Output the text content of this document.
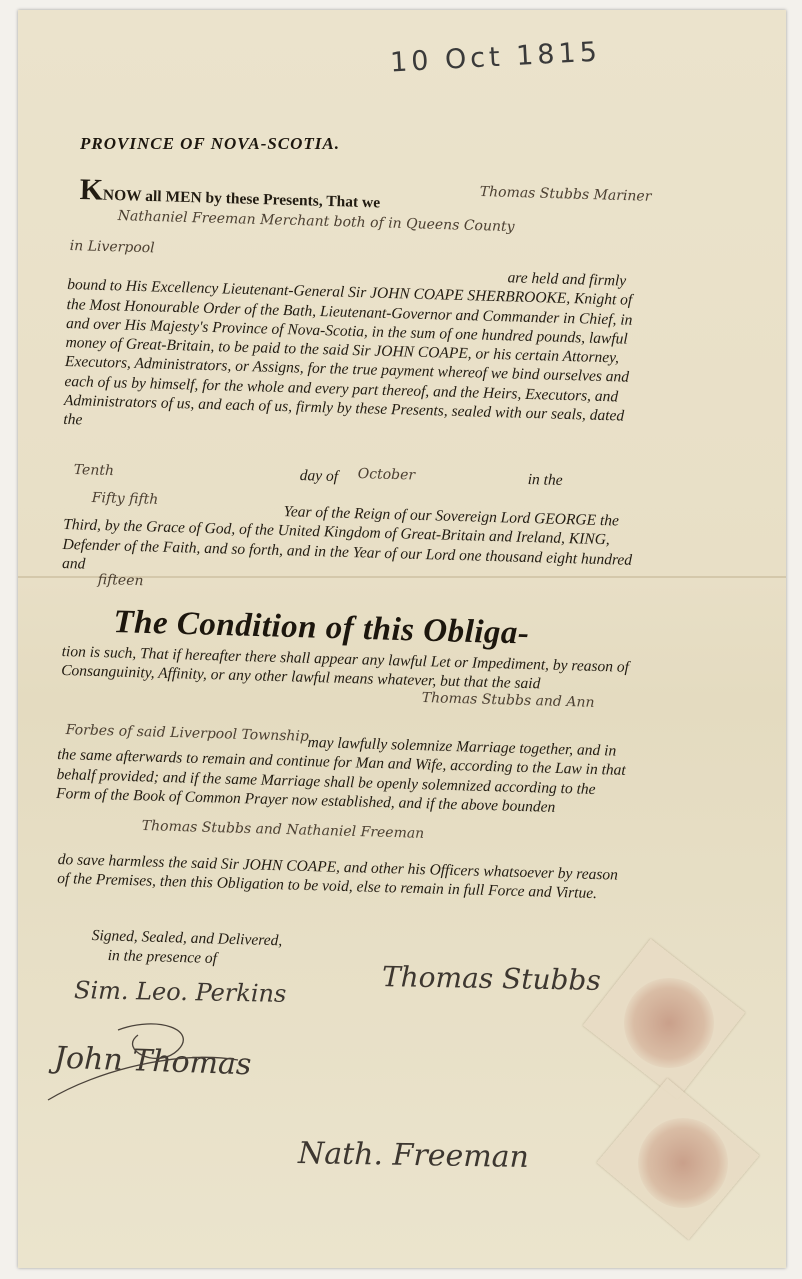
10 Oct 1815
PROVINCE OF NOVA-SCOTIA.
KNOW all MEN by these Presents, That we	Thomas Stubbs Mariner
Nathaniel Freeman Merchant both of in Queens County
in Liverpool
are held and firmly bound to His Excellency Lieutenant-General Sir JOHN COAPE SHERBROOKE, Knight of the Most Honourable Order of the Bath, Lieutenant-Governor and Commander in Chief, in and over His Majesty's Province of Nova-Scotia, in the sum of one hundred pounds, lawful money of Great-Britain, to be paid to the said Sir JOHN COAPE, or his certain Attorney, Executors, Administrators, or Assigns, for the true payment whereof we bind ourselves and each of us by himself, for the whole and every part thereof, and the Heirs, Executors, and Administrators of us, and each of us, firmly by these Presents, sealed with our seals, dated the
Tenth	day of October	in the
Fifty fifth
Year of the Reign of our Sovereign Lord GEORGE the Third, by the Grace of God, of the United Kingdom of Great-Britain and Ireland, KING, Defender of the Faith, and so forth, and in the Year of our Lord one thousand eight hundred and
fifteen
The Condition of this Obliga-
tion is such, That if hereafter there shall appear any lawful Let or Impediment, by reason of Consanguinity, Affinity, or any other lawful means whatever, but that the said
Thomas Stubbs and Ann
Forbes of said Liverpool Township
may lawfully solemnize Marriage together, and in the same afterwards to remain and continue for Man and Wife, according to the Law in that behalf provided; and if the same Marriage shall be openly solemnized according to the Form of the Book of Common Prayer now established, and if the above bounden
Thomas Stubbs and Nathaniel Freeman
do save harmless the said Sir JOHN COAPE, and other his Officers whatsoever by reason of the Premises, then this Obligation to be void, else to remain in full Force and Virtue.
Signed, Sealed, and Delivered,
in the presence of
Sim. Leo. Perkins
John Thomas
Thomas Stubbs
Nath. Freeman
